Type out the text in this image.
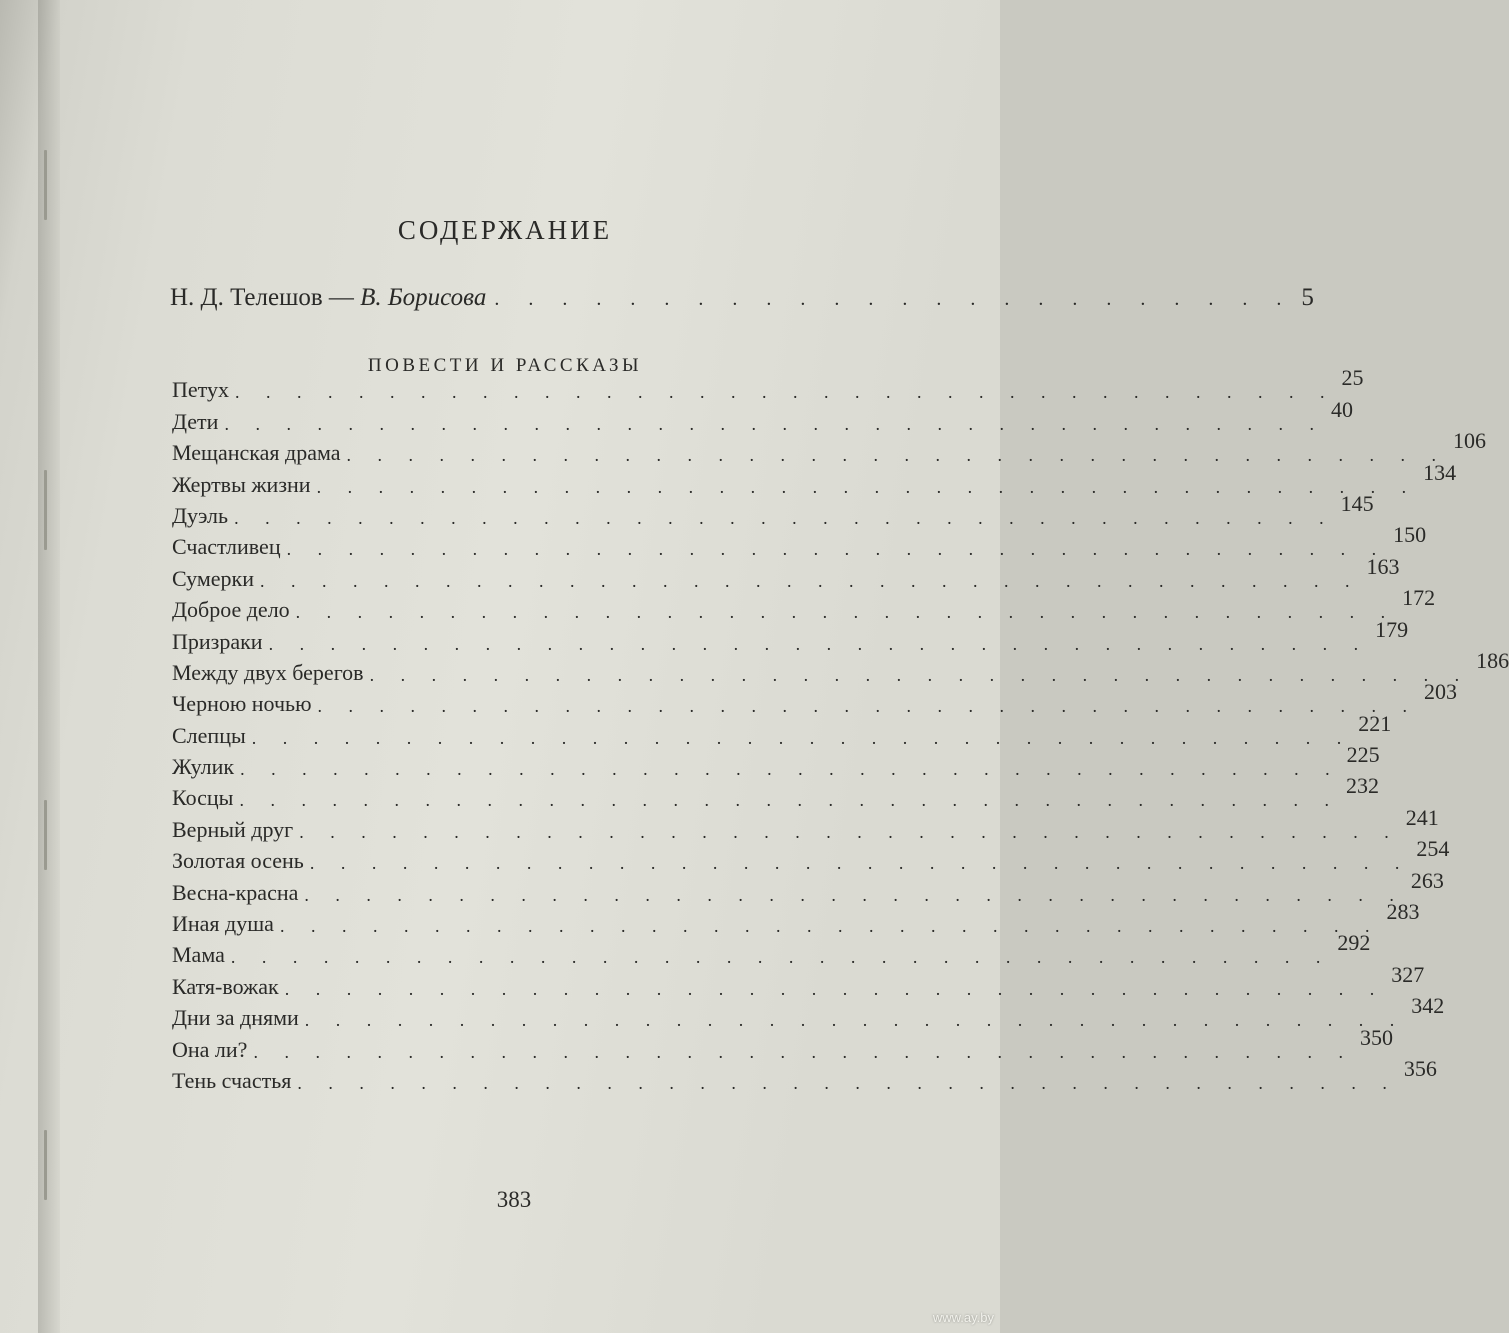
СОДЕРЖАНИЕ
Н. Д. Телешов — В. Борисова . . . . . . . . . . . . . . . . . . . . . . . . 5
ПОВЕСТИ И РАССКАЗЫ
Петух . . . . . . . . . . . . . . . . . . . . . . . . . . . . . . . . . . . .
25
Дети . . . . . . . . . . . . . . . . . . . . . . . . . . . . . . . . . . . .
40
Мещанская драма . . . . . . . . . . . . . . . . . . . . . . . . . . . . . . . . . . . .
106
Жертвы жизни . . . . . . . . . . . . . . . . . . . . . . . . . . . . . . . . . . . .
134
Дуэль . . . . . . . . . . . . . . . . . . . . . . . . . . . . . . . . . . . .
145
Счастливец . . . . . . . . . . . . . . . . . . . . . . . . . . . . . . . . . . . .
150
Сумерки . . . . . . . . . . . . . . . . . . . . . . . . . . . . . . . . . . . .
163
Доброе дело . . . . . . . . . . . . . . . . . . . . . . . . . . . . . . . . . . . .
172
Призраки . . . . . . . . . . . . . . . . . . . . . . . . . . . . . . . . . . . .
179
Между двух берегов . . . . . . . . . . . . . . . . . . . . . . . . . . . . . . . . . . . .
186
Черною ночью . . . . . . . . . . . . . . . . . . . . . . . . . . . . . . . . . . . .
203
Слепцы . . . . . . . . . . . . . . . . . . . . . . . . . . . . . . . . . . . .
221
Жулик . . . . . . . . . . . . . . . . . . . . . . . . . . . . . . . . . . . .
225
Косцы . . . . . . . . . . . . . . . . . . . . . . . . . . . . . . . . . . . .
232
Верный друг . . . . . . . . . . . . . . . . . . . . . . . . . . . . . . . . . . . .
241
Золотая осень . . . . . . . . . . . . . . . . . . . . . . . . . . . . . . . . . . . .
254
Весна-красна . . . . . . . . . . . . . . . . . . . . . . . . . . . . . . . . . . . .
263
Иная душа . . . . . . . . . . . . . . . . . . . . . . . . . . . . . . . . . . . .
283
Мама . . . . . . . . . . . . . . . . . . . . . . . . . . . . . . . . . . . .
292
Катя-вожак . . . . . . . . . . . . . . . . . . . . . . . . . . . . . . . . . . . .
327
Дни за днями . . . . . . . . . . . . . . . . . . . . . . . . . . . . . . . . . . . .
342
Она ли? . . . . . . . . . . . . . . . . . . . . . . . . . . . . . . . . . . . .
350
Тень счастья . . . . . . . . . . . . . . . . . . . . . . . . . . . . . . . . . . . .
356
383
www.ay.by
